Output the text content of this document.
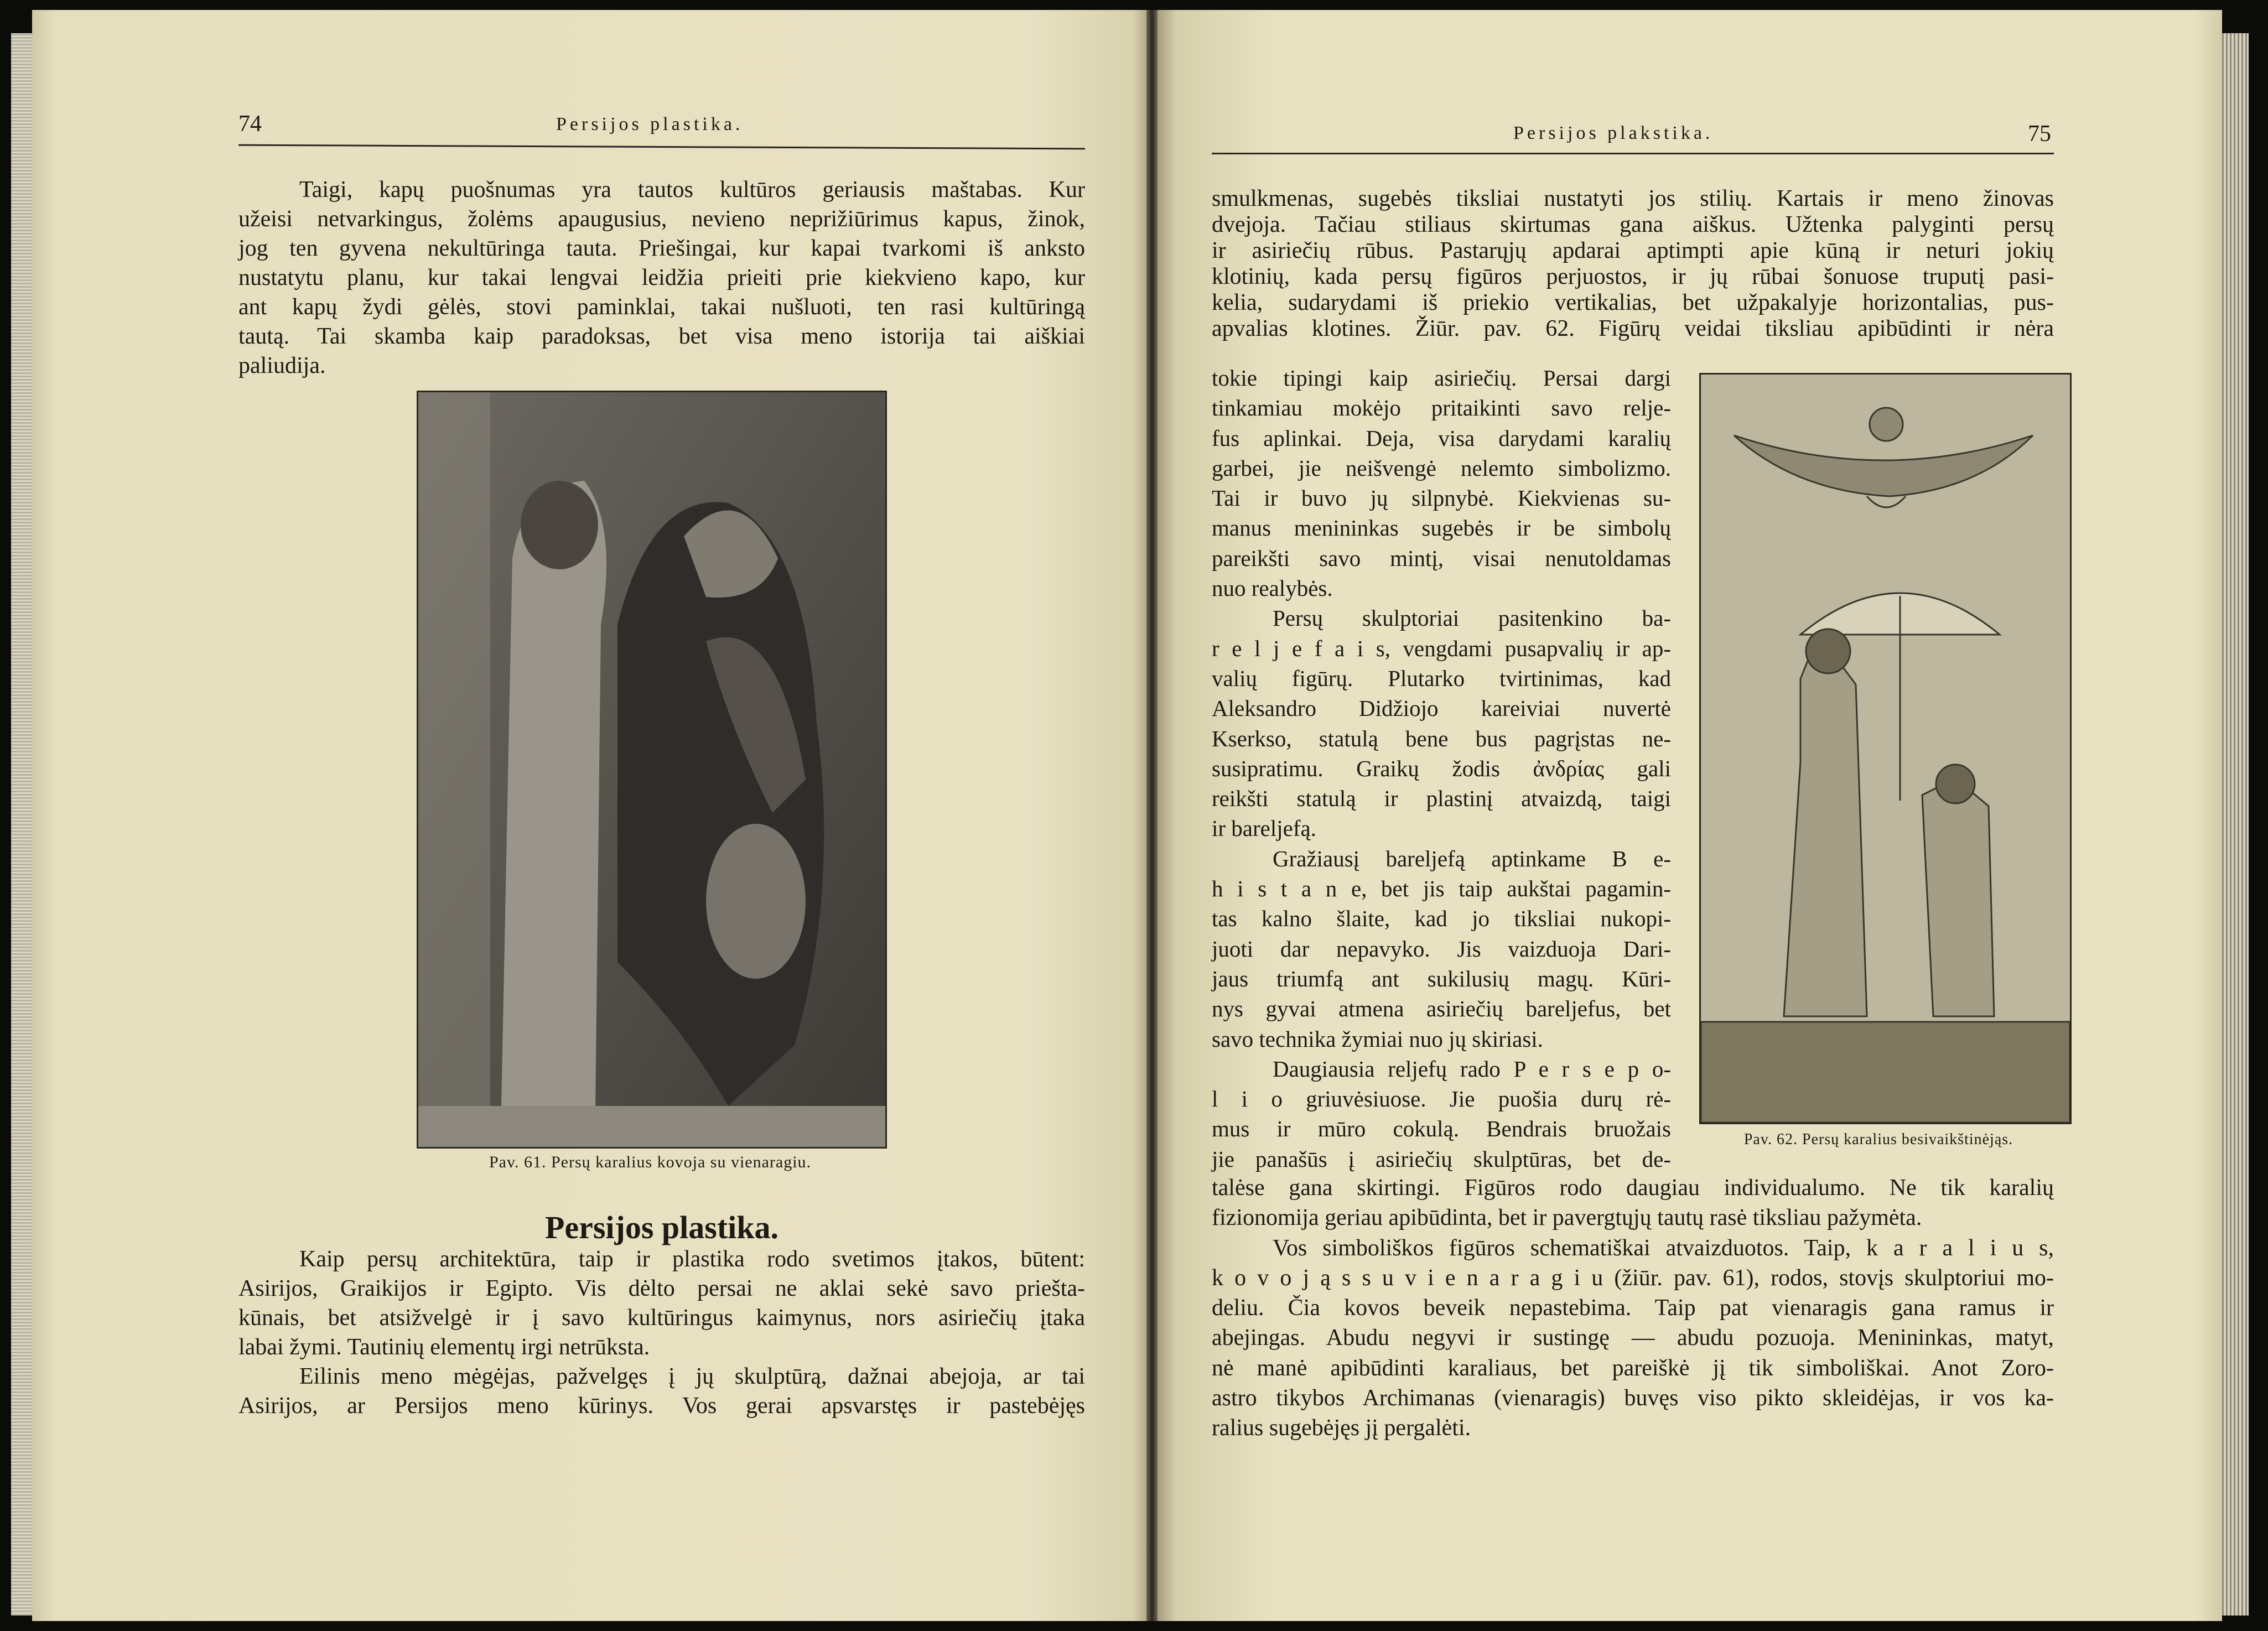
74	Persijos plastika.
Taigi, kapų puošnumas yra tautos kultūros geriausis maštabas. Kur
užeisi netvarkingus, žolėms apaugusius, nevieno neprižiūrimus kapus, žinok,
jog ten gyvena nekultūringa tauta. Priešingai, kur kapai tvarkomi iš anksto
nustatytu planu, kur takai lengvai leidžia prieiti prie kiekvieno kapo, kur
ant kapų žydi gėlės, stovi paminklai, takai nušluoti, ten rasi kultūringą
tautą. Tai skamba kaip paradoksas, bet visa meno istorija tai aiškiai
paliudija.
Pav. 61. Persų karalius kovoja su vienaragiu.
Persijos plastika.
Kaip persų architektūra, taip ir plastika rodo svetimos įtakos, būtent:
Asirijos, Graikijos ir Egipto. Vis dėlto persai ne aklai sekė savo priešta-
kūnais, bet atsižvelgė ir į savo kultūringus kaimynus, nors asiriečių įtaka
labai žymi. Tautinių elementų irgi netrūksta.
Eilinis meno mėgėjas, pažvelgęs į jų skulptūrą, dažnai abejoja, ar tai
Asirijos, ar Persijos meno kūrinys. Vos gerai apsvarstęs ir pastebėjęs
Persijos plakstika.	75
smulkmenas, sugebės tiksliai nustatyti jos stilių. Kartais ir meno žinovas
dvejoja. Tačiau stiliaus skirtumas gana aiškus. Užtenka palyginti persų
ir asiriečių rūbus. Pastarųjų apdarai aptimpti apie kūną ir neturi jokių
klotinių, kada persų figūros perjuostos, ir jų rūbai šonuose truputį pasi-
kelia, sudarydami iš priekio vertikalias, bet užpakalyje horizontalias, pus-
apvalias klotines. Žiūr. pav. 62. Figūrų veidai tiksliau apibūdinti ir nėra
tokie tipingi kaip asiriečių. Persai dargi
tinkamiau mokėjo pritaikinti savo relje-
fus aplinkai. Deja, visa darydami karalių
garbei, jie neišvengė nelemto simbolizmo.
Tai ir buvo jų silpnybė. Kiekvienas su-
manus menininkas sugebės ir be simbolų
pareikšti savo mintį, visai nenutoldamas
nuo realybės.
Persų skulptoriai pasitenkino ba-
r e l j e f a i s, vengdami pusapvalių ir ap-
valių figūrų. Plutarko tvirtinimas, kad
Aleksandro Didžiojo kareiviai nuvertė
Kserkso, statulą bene bus pagrįstas ne-
susipratimu. Graikų žodis ἀνδρίας gali
reikšti statulą ir plastinį atvaizdą, taigi
ir bareljefą.
Gražiausį bareljefą aptinkame B e-
h i s t a n e, bet jis taip aukštai pagamin-
tas kalno šlaite, kad jo tiksliai nukopi-
juoti dar nepavyko. Jis vaizduoja Dari-
jaus triumfą ant sukilusių magų. Kūri-
nys gyvai atmena asiriečių bareljefus, bet
savo technika žymiai nuo jų skiriasi.
Daugiausia reljefų rado P e r s e p o-
l i o griuvėsiuose. Jie puošia durų rė-
mus ir mūro cokulą. Bendrais bruožais
jie panašūs į asiriečių skulptūras, bet de-
Pav. 62. Persų karalius besivaikštinėjąs.
talėse gana skirtingi. Figūros rodo daugiau individualumo. Ne tik karalių
fizionomija geriau apibūdinta, bet ir pavergtųjų tautų rasė tiksliau pažymėta.
Vos simboliškos figūros schematiškai atvaizduotos. Taip, k a r a l i u s,
k o v o j ą s s u v i e n a r a g i u (žiūr. pav. 61), rodos, stovįs skulptoriui mo-
deliu. Čia kovos beveik nepastebima. Taip pat vienaragis gana ramus ir
abejingas. Abudu negyvi ir sustingę — abudu pozuoja. Menininkas, matyt,
nė manė apibūdinti karaliaus, bet pareiškė jį tik simboliškai. Anot Zoro-
astro tikybos Archimanas (vienaragis) buvęs viso pikto skleidėjas, ir vos ka-
ralius sugebėjęs jį pergalėti.
